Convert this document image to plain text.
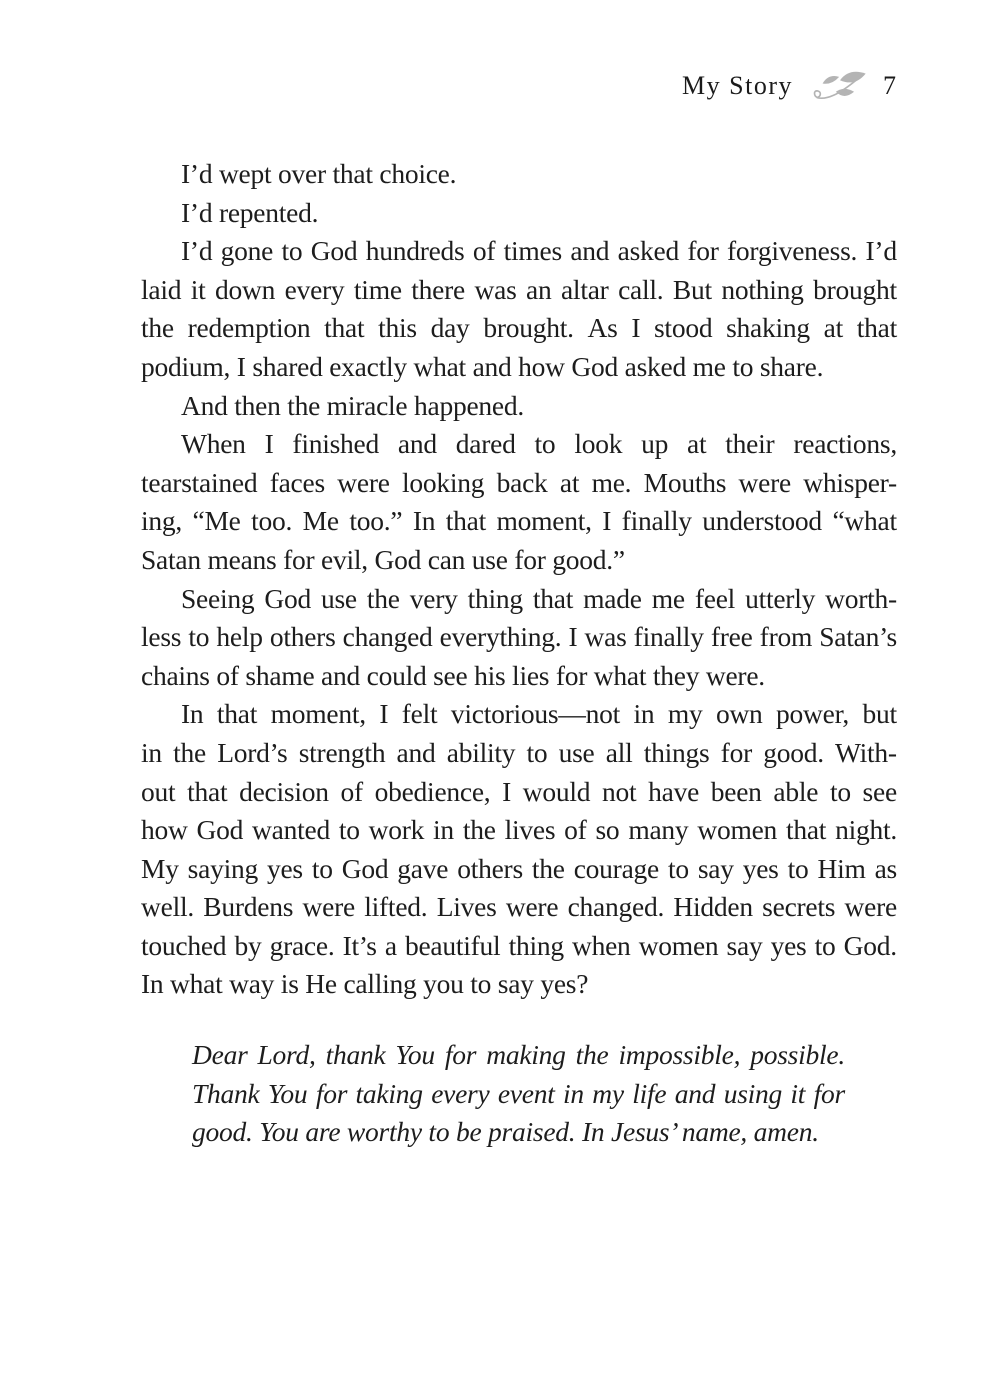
My Story	7
I’d wept over that choice.
I’d repented.
I’d gone to God hundreds of times and asked for forgiveness. I’d
laid it down every time there was an altar call. But nothing brought
the redemption that this day brought. As I stood shaking at that
podium, I shared exactly what and how God asked me to share.
And then the miracle happened.
When I finished and dared to look up at their reactions,
tearstained faces were looking back at me. Mouths were whisper-
ing, “Me too. Me too.” In that moment, I finally understood “what
Satan means for evil, God can use for good.”
Seeing God use the very thing that made me feel utterly worth-
less to help others changed everything. I was finally free from Satan’s
chains of shame and could see his lies for what they were.
In that moment, I felt victorious—not in my own power, but
in the Lord’s strength and ability to use all things for good. With-
out that decision of obedience, I would not have been able to see
how God wanted to work in the lives of so many women that night.
My saying yes to God gave others the courage to say yes to Him as
well. Burdens were lifted. Lives were changed. Hidden secrets were
touched by grace. It’s a beautiful thing when women say yes to God.
In what way is He calling you to say yes?
Dear Lord, thank You for making the impossible, possible.
Thank You for taking every event in my life and using it for
good. You are worthy to be praised. In Jesus’ name, amen.
